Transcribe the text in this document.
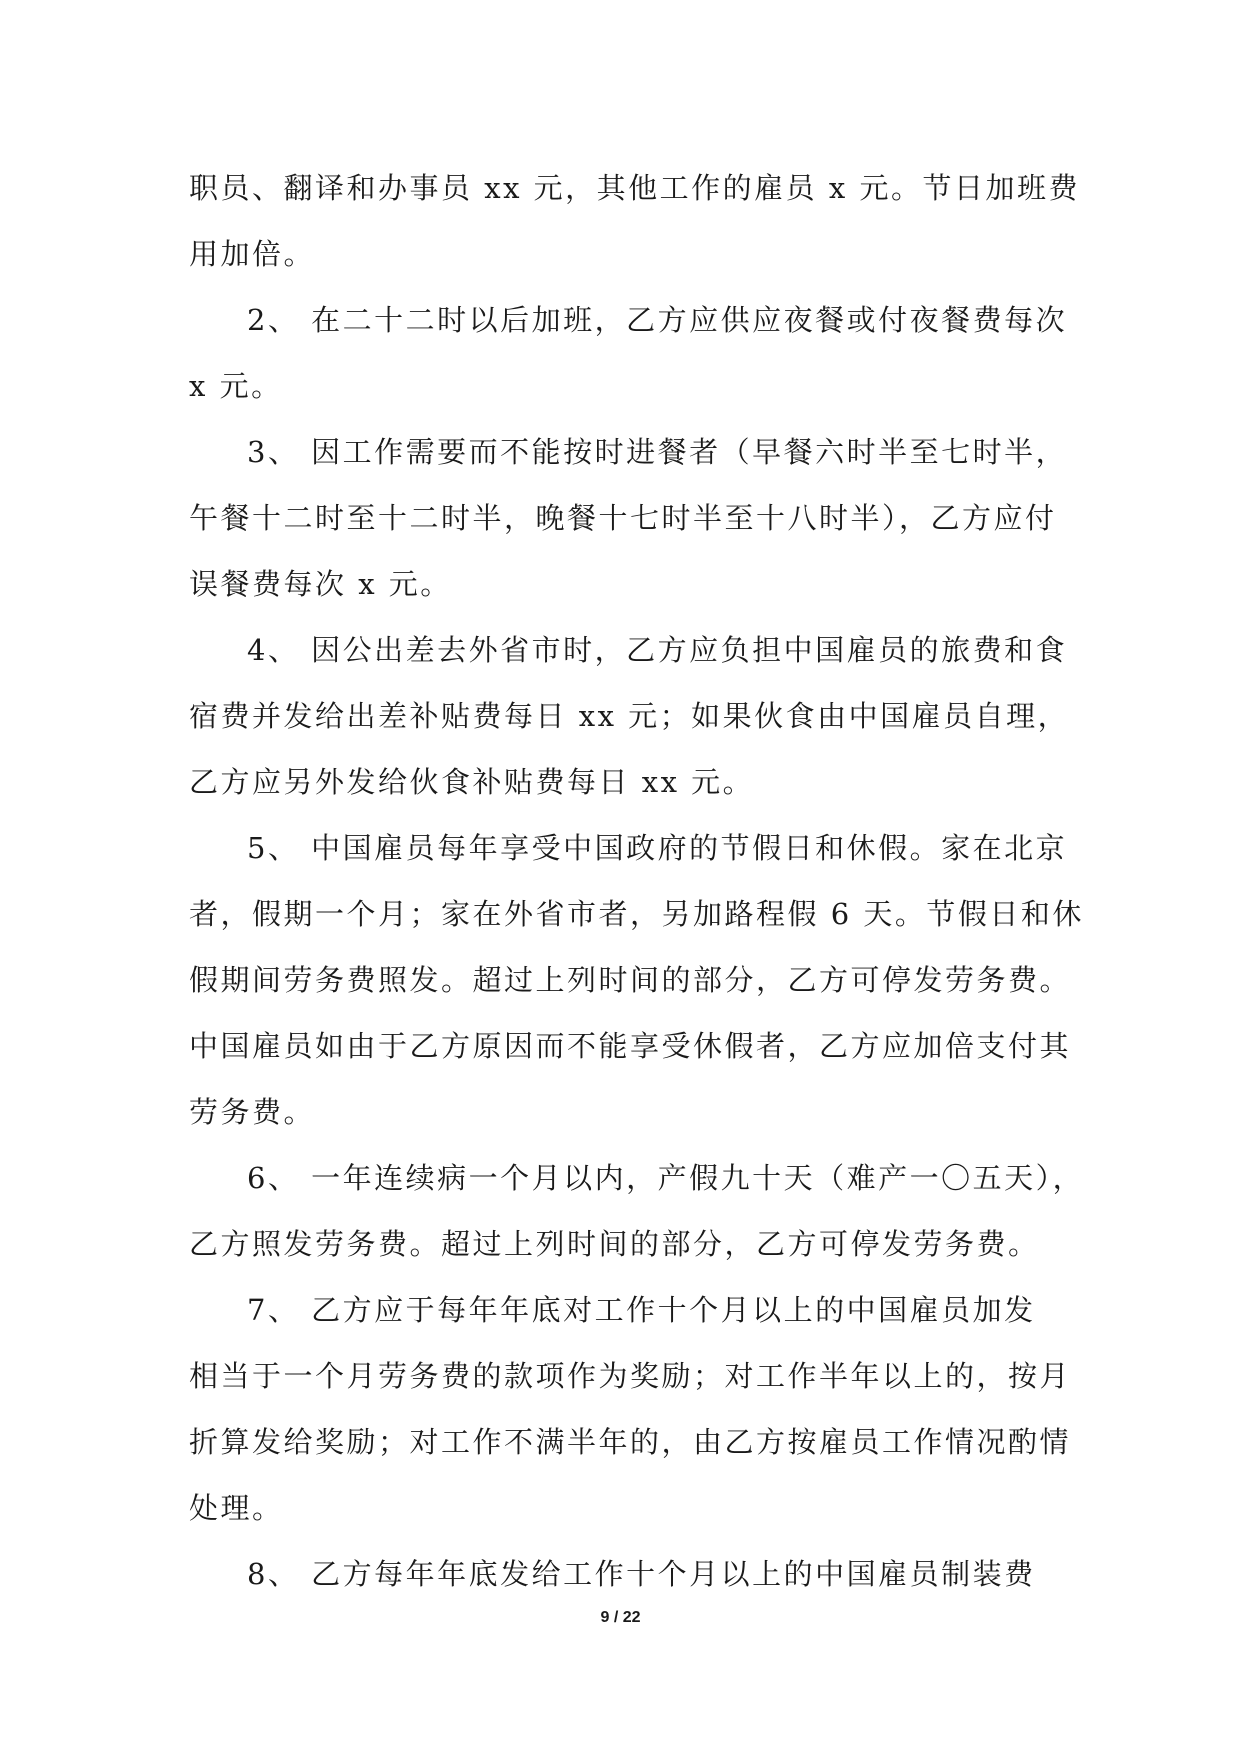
职员、翻译和办事员 xx 元，其他工作的雇员 x 元。节日加班费
用加倍。
2、 在二十二时以后加班，乙方应供应夜餐或付夜餐费每次
x 元。
3、 因工作需要而不能按时进餐者（早餐六时半至七时半，
午餐十二时至十二时半，晚餐十七时半至十八时半），乙方应付
误餐费每次 x 元。
4、 因公出差去外省市时，乙方应负担中国雇员的旅费和食
宿费并发给出差补贴费每日 xx 元；如果伙食由中国雇员自理，
乙方应另外发给伙食补贴费每日 xx 元。
5、 中国雇员每年享受中国政府的节假日和休假。家在北京
者，假期一个月；家在外省市者，另加路程假 6 天。节假日和休
假期间劳务费照发。超过上列时间的部分，乙方可停发劳务费。
中国雇员如由于乙方原因而不能享受休假者，乙方应加倍支付其
劳务费。
6、 一年连续病一个月以内，产假九十天（难产一〇五天），
乙方照发劳务费。超过上列时间的部分，乙方可停发劳务费。
7、 乙方应于每年年底对工作十个月以上的中国雇员加发
相当于一个月劳务费的款项作为奖励；对工作半年以上的，按月
折算发给奖励；对工作不满半年的，由乙方按雇员工作情况酌情
处理。
8、 乙方每年年底发给工作十个月以上的中国雇员制装费
9 / 22
